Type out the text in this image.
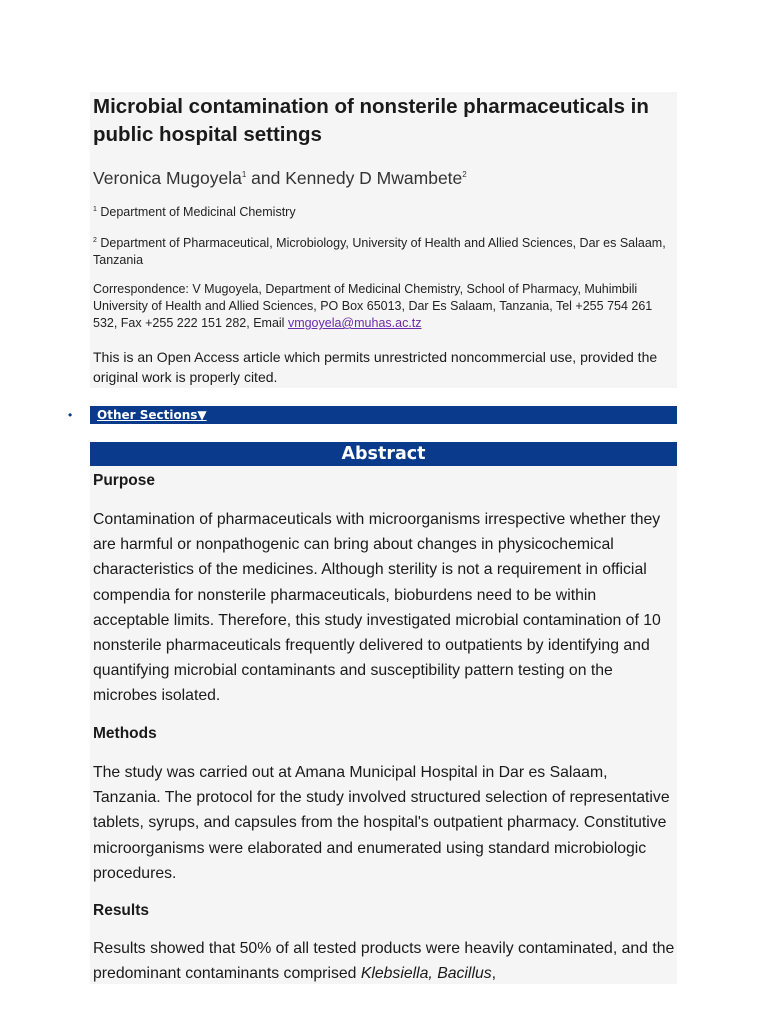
Microbial contamination of nonsterile pharmaceuticals in public hospital settings
Veronica Mugoyela$^1$ and Kennedy D Mwambete$^2$
$^1$ Department of Medicinal Chemistry
$^2$ Department of Pharmaceutical, Microbiology, University of Health and Allied Sciences, Dar es Salaam, Tanzania
Correspondence: V Mugoyela, Department of Medicinal Chemistry, School of Pharmacy, Muhimbili University of Health and Allied Sciences, PO Box 65013, Dar Es Salaam, Tanzania, Tel +255 754 261 532, Fax +255 222 151 282, Email vmgoyela@muhas.ac.tz
This is an Open Access article which permits unrestricted noncommercial use, provided the original work is properly cited.
•	Other Sections▼
Abstract
Purpose

Contamination of pharmaceuticals with microorganisms irrespective whether they are harmful or nonpathogenic can bring about changes in physicochemical characteristics of the medicines. Although sterility is not a requirement in official compendia for nonsterile pharmaceuticals, bioburdens need to be within acceptable limits. Therefore, this study investigated microbial contamination of 10 nonsterile pharmaceuticals frequently delivered to outpatients by identifying and quantifying microbial contaminants and susceptibility pattern testing on the microbes isolated.

Methods

The study was carried out at Amana Municipal Hospital in Dar es Salaam, Tanzania. The protocol for the study involved structured selection of representative tablets, syrups, and capsules from the hospital's outpatient pharmacy. Constitutive microorganisms were elaborated and enumerated using standard microbiologic procedures.

Results

Results showed that 50% of all tested products were heavily contaminated, and the predominant contaminants comprised Klebsiella, Bacillus,
